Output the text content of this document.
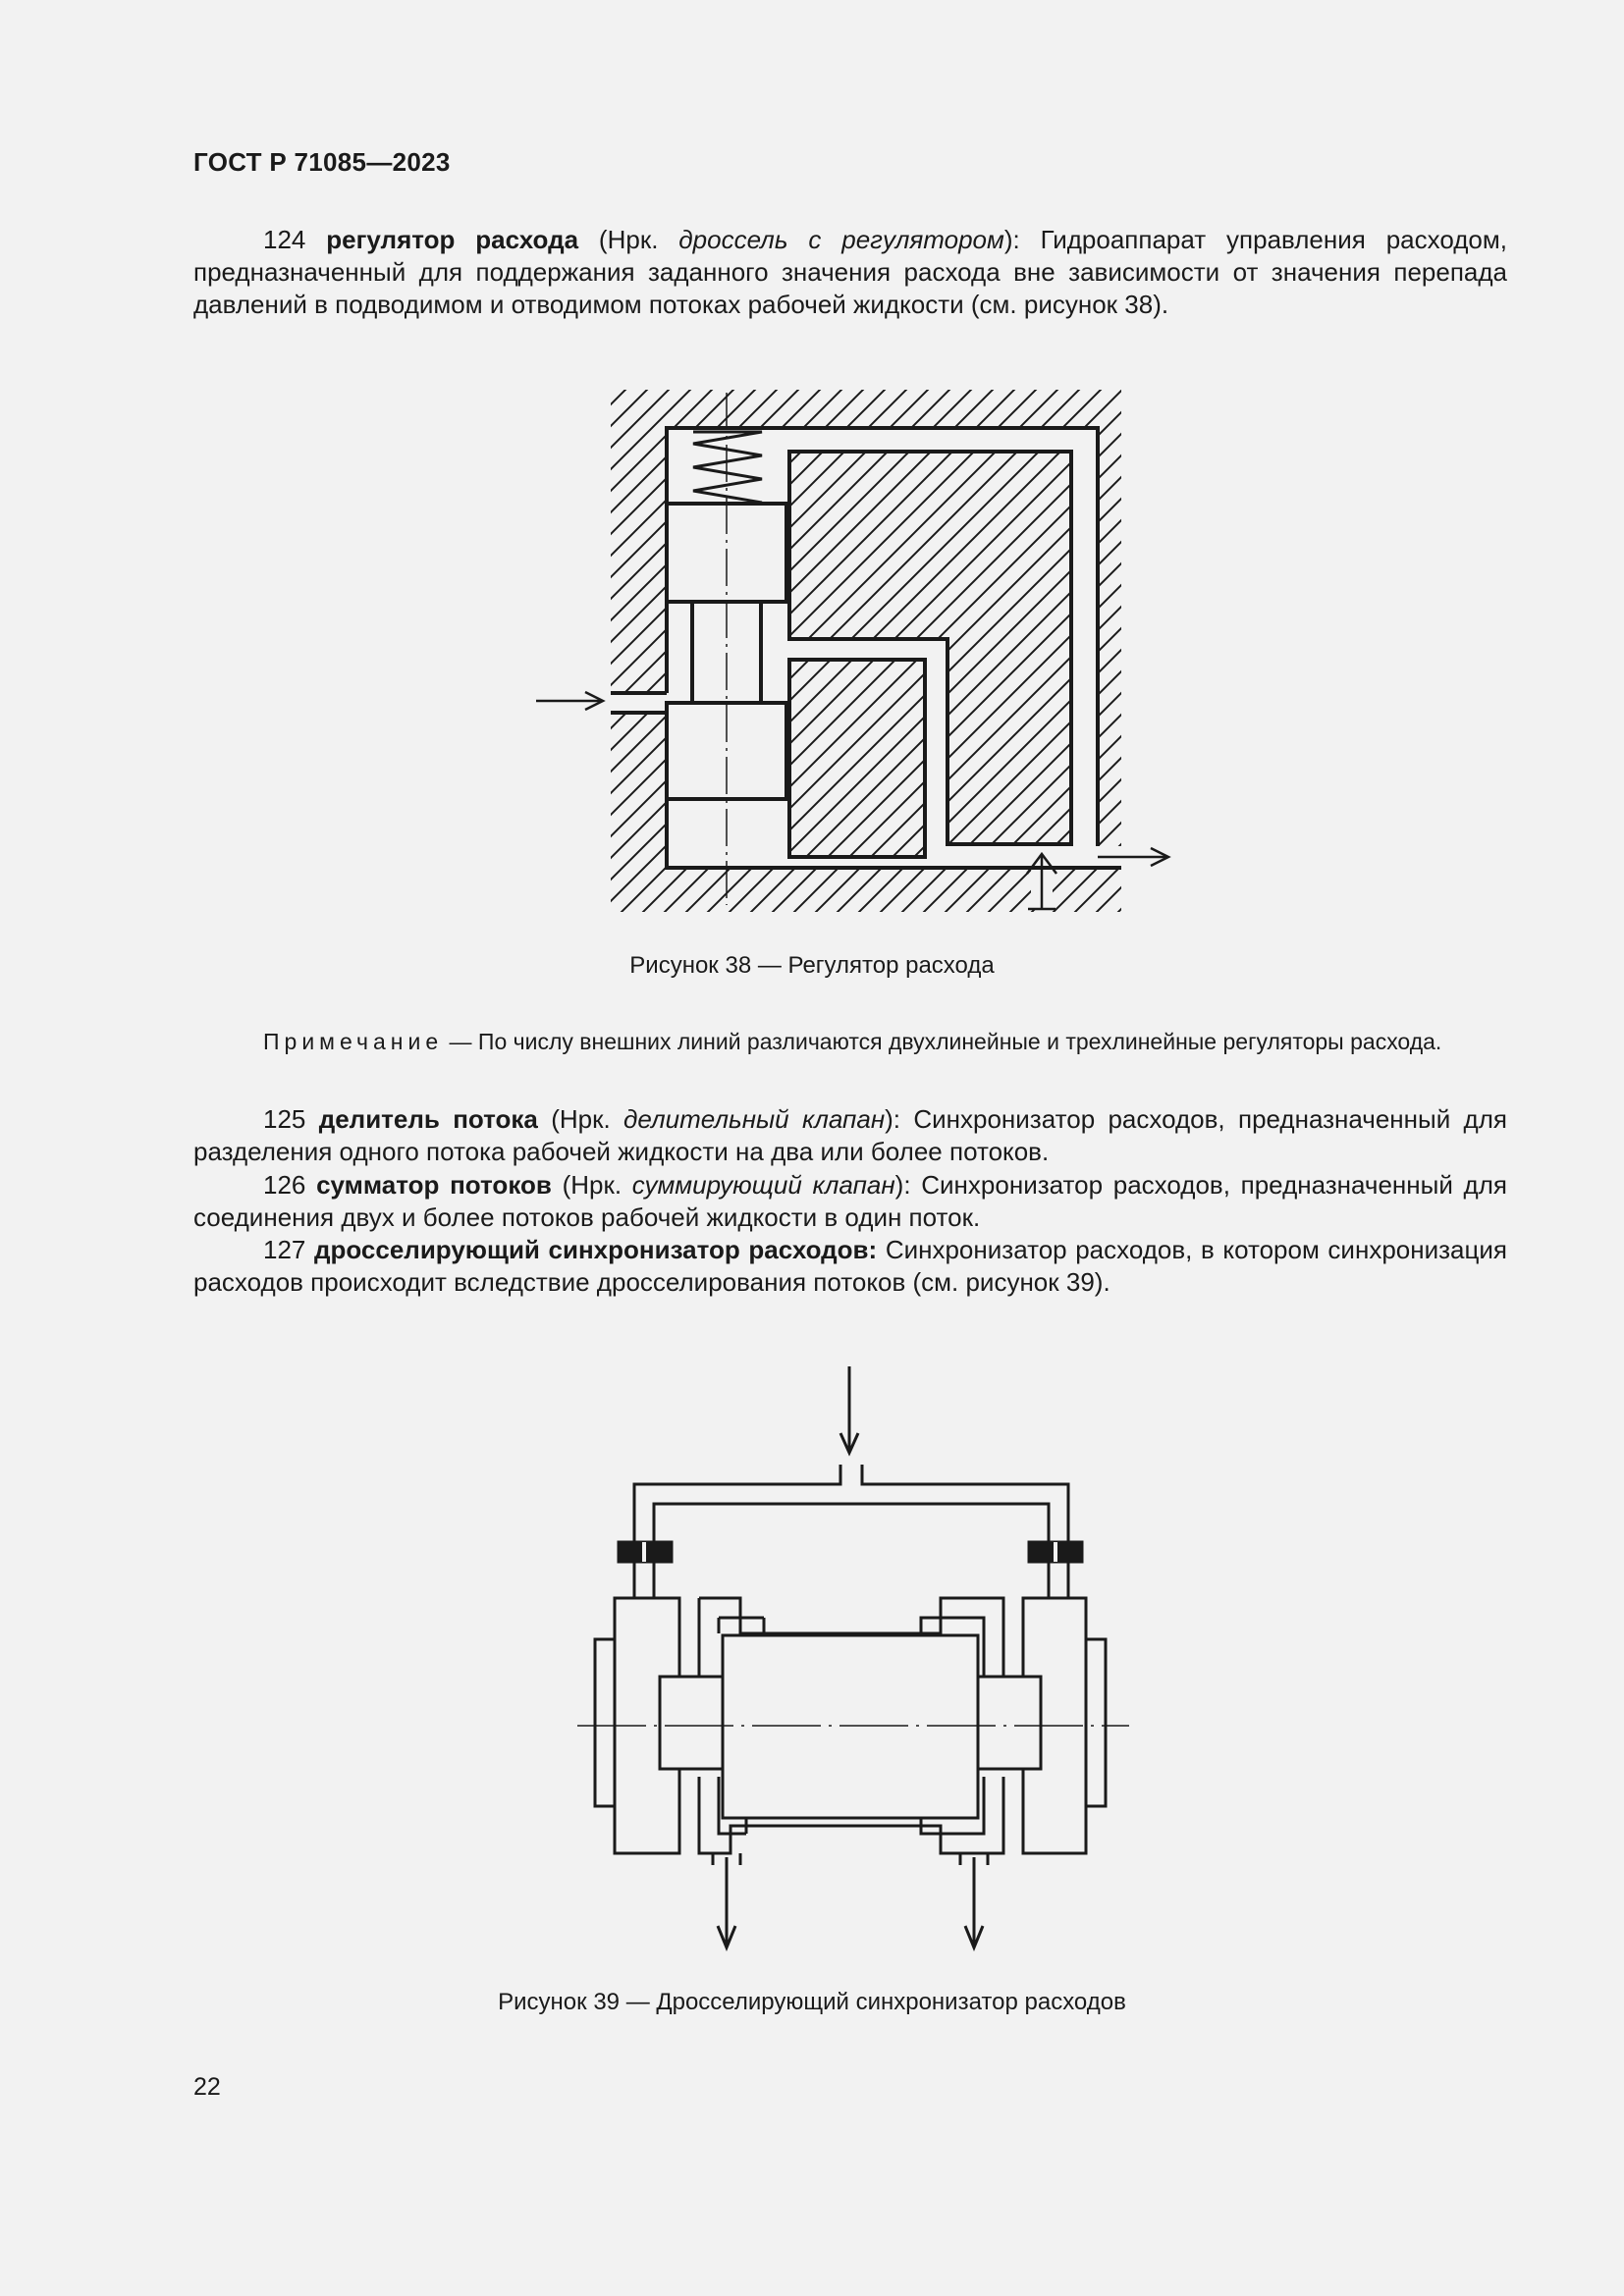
ГОСТ Р 71085—2023

124 регулятор расхода (Нрк. дроссель с регулятором): Гидроаппарат управления расходом, предназначенный для поддержания заданного значения расхода вне зависимости от значения перепада давлений в подводимом и отводимом потоках рабочей жидкости (см. рисунок 38).

Рисунок 38 — Регулятор расхода

Примечание — По числу внешних линий различаются двухлинейные и трехлинейные регуляторы расхода.

125 делитель потока (Нрк. делительный клапан): Синхронизатор расходов, предназначенный для разделения одного потока рабочей жидкости на два или более потоков.

126 сумматор потоков (Нрк. суммирующий клапан): Синхронизатор расходов, предназначенный для соединения двух и более потоков рабочей жидкости в один поток.

127 дросселирующий синхронизатор расходов: Синхронизатор расходов, в котором синхронизация расходов происходит вследствие дросселирования потоков (см. рисунок 39).

Рисунок 39 — Дросселирующий синхронизатор расходов
22
